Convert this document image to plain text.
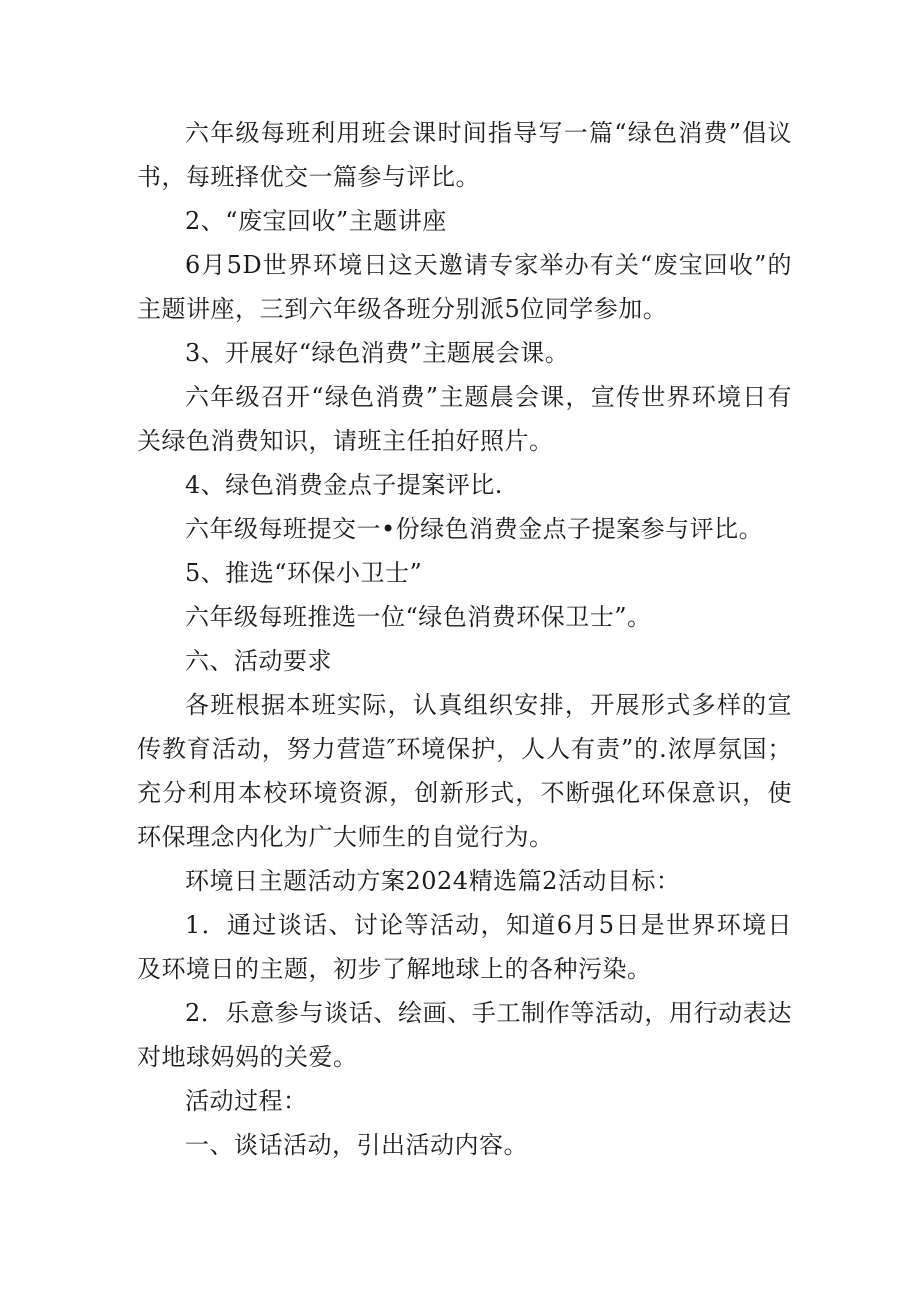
六年级每班利用班会课时间指导写一篇“绿色消费”倡议书，每班择优交一篇参与评比。

2、“废宝回收”主题讲座

6月5D世界环境日这天邀请专家举办有关“废宝回收”的主题讲座，三到六年级各班分别派5位同学参加。

3、开展好“绿色消费”主题展会课。

六年级召开“绿色消费”主题晨会课，宣传世界环境日有关绿色消费知识，请班主任拍好照片。

4、绿色消费金点子提案评比.

六年级每班提交一•份绿色消费金点子提案参与评比。

5、推选“环保小卫士”

六年级每班推选一位“绿色消费环保卫士”。

六、活动要求

各班根据本班实际，认真组织安排，开展形式多样的宣传教育活动，努力营造″环境保护，人人有责”的.浓厚氛国；充分利用本校环境资源，创新形式，不断强化环保意识，使环保理念内化为广大师生的自觉行为。

环境日主题活动方案2024精选篇2活动目标：

1．通过谈话、讨论等活动，知道6月5日是世界环境日及环境日的主题，初步了解地球上的各种污染。

2．乐意参与谈话、绘画、手工制作等活动，用行动表达对地球妈妈的关爱。

活动过程：

一、谈话活动，引出活动内容。
